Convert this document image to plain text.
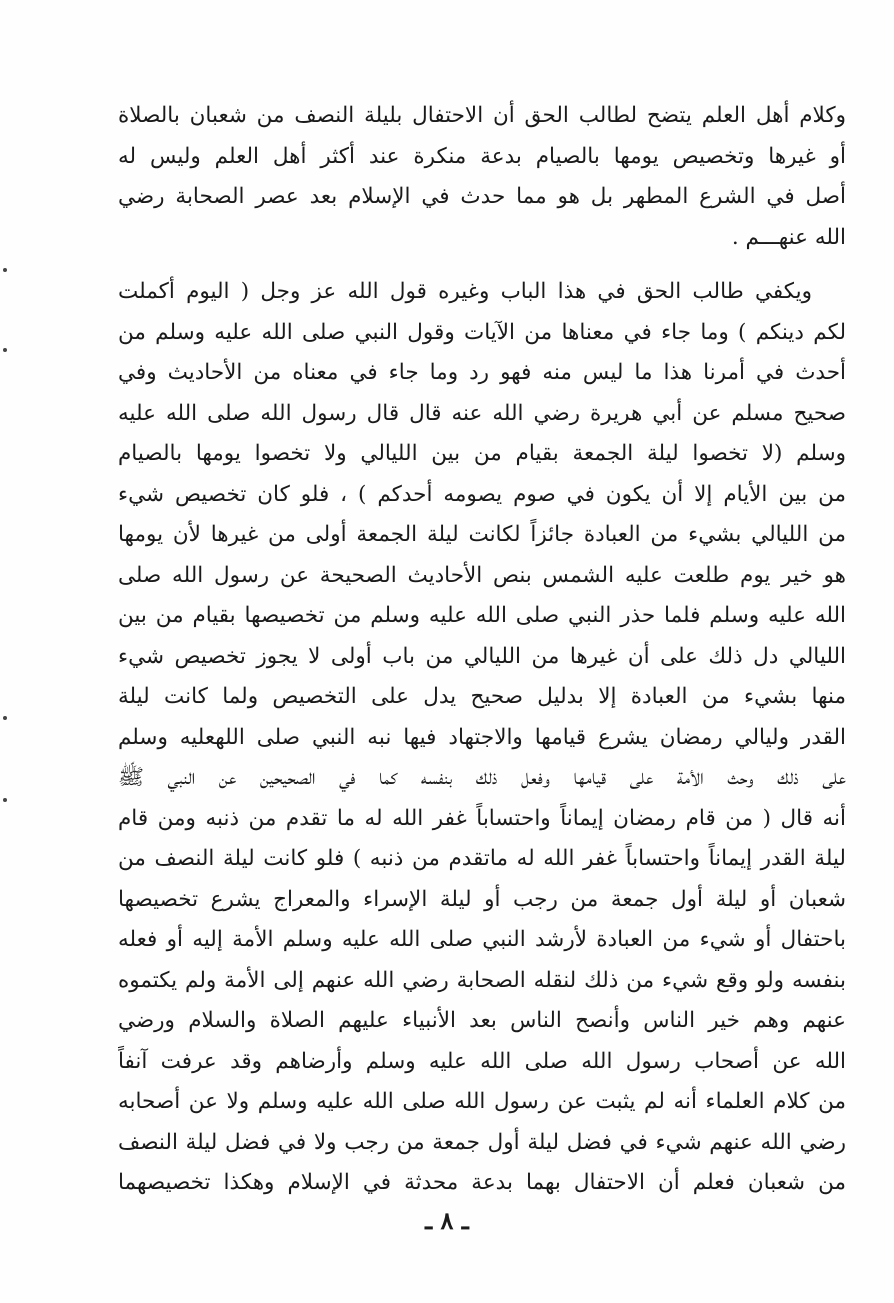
وكلام أهل العلم يتضح لطالب الحق أن الاحتفال بليلة النصف من شعبان بالصلاة
أو غيرها وتخصيص يومها بالصيام بدعة منكرة عند أكثر أهل العلم وليس له
أصل في الشرع المطهر بل هو مما حدث في الإسلام بعد عصر الصحابة رضي
الله عنهـــم .
ويكفي طالب الحق في هذا الباب وغيره قول الله عز وجل ( اليوم أكملت
لكم دينكم ) وما جاء في معناها من الآيات وقول النبي صلى الله عليه وسلم من
أحدث في أمرنا هذا ما ليس منه فهو رد وما جاء في معناه من الأحاديث وفي
صحيح مسلم عن أبي هريرة رضي الله عنه قال قال رسول الله صلى الله عليه
وسلم (لا تخصوا ليلة الجمعة بقيام من بين الليالي ولا تخصوا يومها بالصيام
من بين الأيام إلا أن يكون في صوم يصومه أحدكم ) ، فلو كان تخصيص شيء
من الليالي بشيء من العبادة جائزاً لكانت ليلة الجمعة أولى من غيرها لأن يومها
هو خير يوم طلعت عليه الشمس بنص الأحاديث الصحيحة عن رسول الله صلى
الله عليه وسلم فلما حذر النبي صلى الله عليه وسلم من تخصيصها بقيام من بين
الليالي دل ذلك على أن غيرها من الليالي من باب أولى لا يجوز تخصيص شيء
منها بشيء من العبادة إلا بدليل صحيح يدل على التخصيص ولما كانت ليلة
القدر وليالي رمضان يشرع قيامها والاجتهاد فيها نبه النبي صلى اللهعليه وسلم
على ذلك وحث الأمة على قيامها وفعل ذلك بنفسه كما في الصحيحين عن النبي ﷺ
أنه قال ( من قام رمضان إيماناً واحتساباً غفر الله له ما تقدم من ذنبه ومن قام
ليلة القدر إيماناً واحتساباً غفر الله له ماتقدم من ذنبه ) فلو كانت ليلة النصف من
شعبان أو ليلة أول جمعة من رجب أو ليلة الإسراء والمعراج يشرع تخصيصها
باحتفال أو شيء من العبادة لأرشد النبي صلى الله عليه وسلم الأمة إليه أو فعله
بنفسه ولو وقع شيء من ذلك لنقله الصحابة رضي الله عنهم إلى الأمة ولم يكتموه
عنهم وهم خير الناس وأنصح الناس بعد الأنبياء عليهم الصلاة والسلام ورضي
الله عن أصحاب رسول الله صلى الله عليه وسلم وأرضاهم وقد عرفت آنفاً
من كلام العلماء أنه لم يثبت عن رسول الله صلى الله عليه وسلم ولا عن أصحابه
رضي الله عنهم شيء في فضل ليلة أول جمعة من رجب ولا في فضل ليلة النصف
من شعبان فعلم أن الاحتفال بهما بدعة محدثة في الإسلام وهكذا تخصيصهما
ـ ٨ ـ
